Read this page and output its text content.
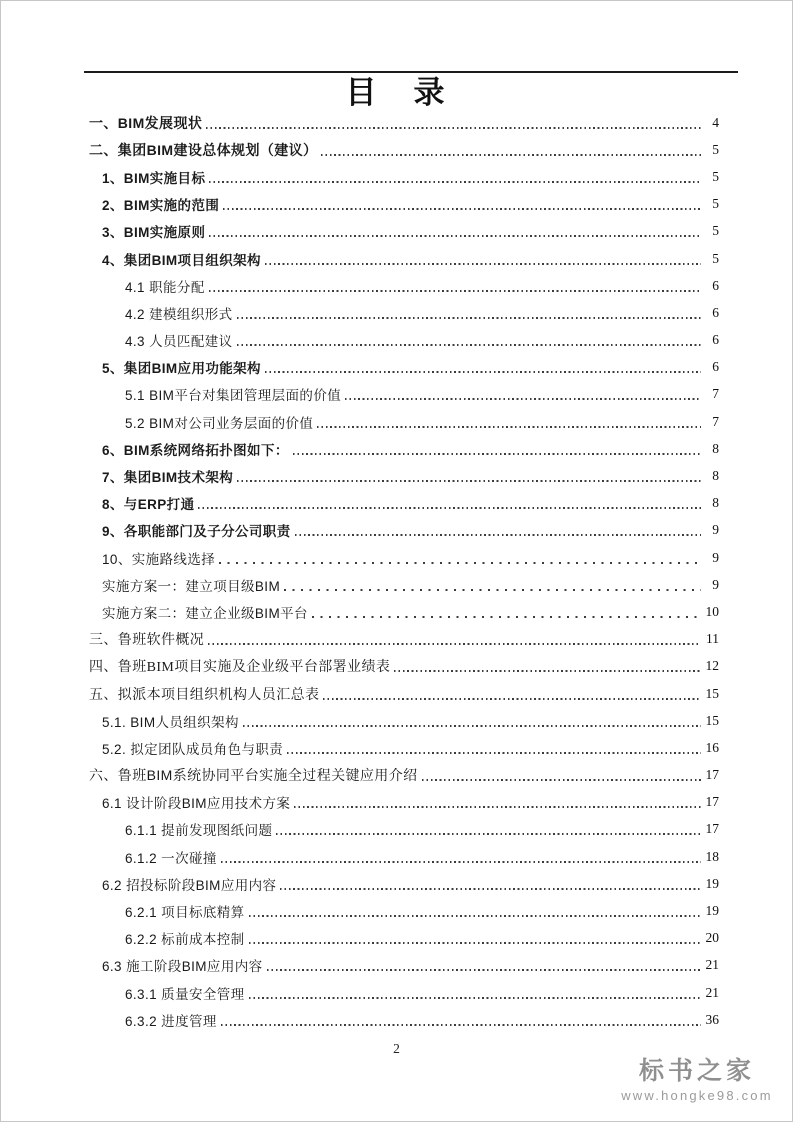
目　录
一、BIM发展现状	4
二、集团BIM建设总体规划（建议）	5
1、BIM实施目标	5
2、BIM实施的范围	5
3、BIM实施原则	5
4、集团BIM项目组织架构	5
4.1 职能分配	6
4.2 建模组织形式	6
4.3 人员匹配建议	6
5、集团BIM应用功能架构	6
5.1 BIM平台对集团管理层面的价值	7
5.2 BIM对公司业务层面的价值	7
6、BIM系统网络拓扑图如下：	8
7、集团BIM技术架构	8
8、与ERP打通	8
9、各职能部门及子分公司职责	9
10、实施路线选择	9
实施方案一：建立项目级BIM	9
实施方案二：建立企业级BIM平台	10
三、鲁班软件概况	11
四、鲁班BIM项目实施及企业级平台部署业绩表	12
五、拟派本项目组织机构人员汇总表	15
5.1. BIM人员组织架构	15
5.2. 拟定团队成员角色与职责	16
六、鲁班BIM系统协同平台实施全过程关键应用介绍	17
6.1 设计阶段BIM应用技术方案	17
6.1.1 提前发现图纸问题	17
6.1.2 一次碰撞	18
6.2 招投标阶段BIM应用内容	19
6.2.1 项目标底精算	19
6.2.2 标前成本控制	20
6.3 施工阶段BIM应用内容	21
6.3.1 质量安全管理	21
6.3.2 进度管理	36
2
标书之家
www.hongke98.com
